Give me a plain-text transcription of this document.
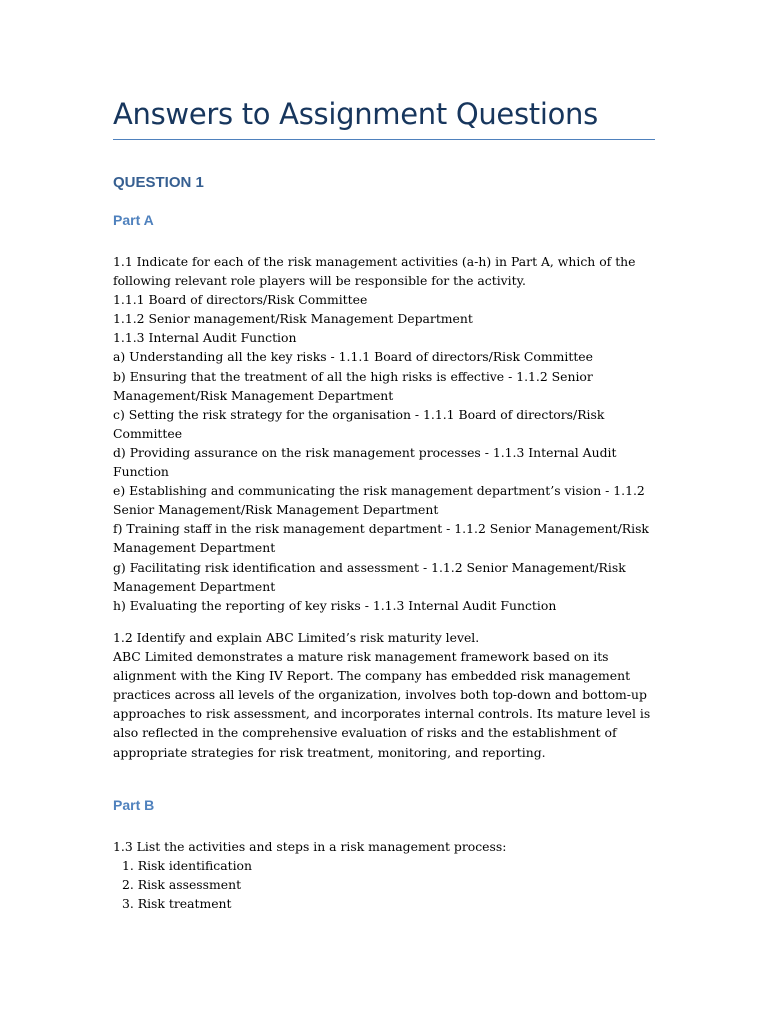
Answers to Assignment Questions
QUESTION 1
Part A

1.1 Indicate for each of the risk management activities (a-h) in Part A, which of the following relevant role players will be responsible for the activity.

1.1.1 Board of directors/Risk Committee

1.1.2 Senior management/Risk Management Department

1.1.3 Internal Audit Function

a) Understanding all the key risks - 1.1.1 Board of directors/Risk Committee

b) Ensuring that the treatment of all the high risks is effective - 1.1.2 Senior Management/Risk Management Department

c) Setting the risk strategy for the organisation - 1.1.1 Board of directors/Risk Committee

d) Providing assurance on the risk management processes - 1.1.3 Internal Audit Function

e) Establishing and communicating the risk management department’s vision - 1.1.2 Senior Management/Risk Management Department

f) Training staff in the risk management department - 1.1.2 Senior Management/Risk Management Department

g) Facilitating risk identification and assessment - 1.1.2 Senior Management/Risk Management Department

h) Evaluating the reporting of key risks - 1.1.3 Internal Audit Function

1.2 Identify and explain ABC Limited’s risk maturity level.

ABC Limited demonstrates a mature risk management framework based on its alignment with the King IV Report. The company has embedded risk management practices across all levels of the organization, involves both top-down and bottom-up approaches to risk assessment, and incorporates internal controls. Its mature level is also reflected in the comprehensive evaluation of risks and the establishment of appropriate strategies for risk treatment, monitoring, and reporting.

Part B

1.3 List the activities and steps in a risk management process:

1. Risk identification
2. Risk assessment
3. Risk treatment
